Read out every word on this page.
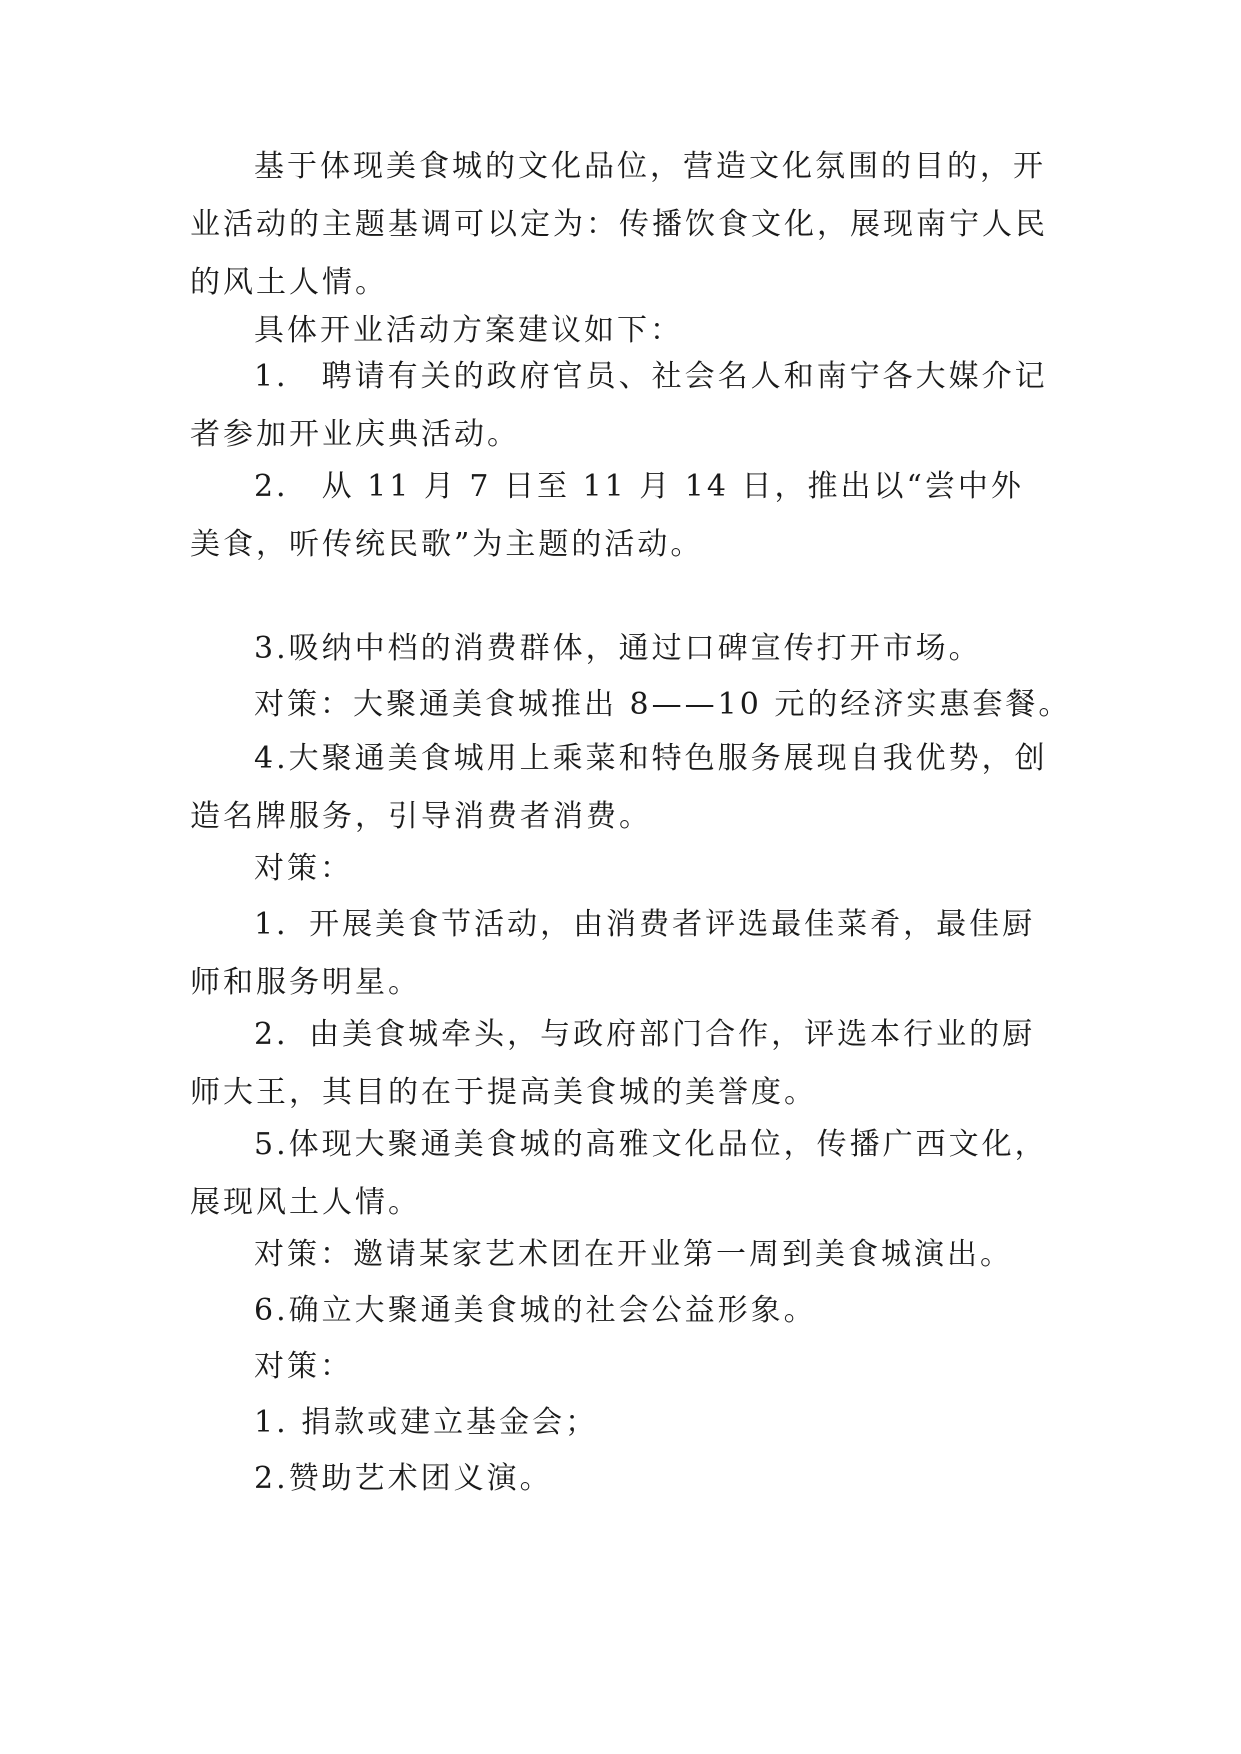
基于体现美食城的文化品位，营造文化氛围的目的，开业活动的主题基调可以定为：传播饮食文化，展现南宁人民的风土人情。

具体开业活动方案建议如下：

1． 聘请有关的政府官员、社会名人和南宁各大媒介记者参加开业庆典活动。

2． 从 11 月 7 日至 11 月 14 日，推出以“尝中外美食，听传统民歌”为主题的活动。

3.吸纳中档的消费群体，通过口碑宣传打开市场。

对策：大聚通美食城推出 8——10 元的经济实惠套餐。

4.大聚通美食城用上乘菜和特色服务展现自我优势，创造名牌服务，引导消费者消费。

对策：

1．开展美食节活动，由消费者评选最佳菜肴，最佳厨师和服务明星。

2．由美食城牵头，与政府部门合作，评选本行业的厨师大王，其目的在于提高美食城的美誉度。

5.体现大聚通美食城的高雅文化品位，传播广西文化，展现风土人情。

对策：邀请某家艺术团在开业第一周到美食城演出。

6.确立大聚通美食城的社会公益形象。

对策：

1. 捐款或建立基金会；

2.赞助艺术团义演。
